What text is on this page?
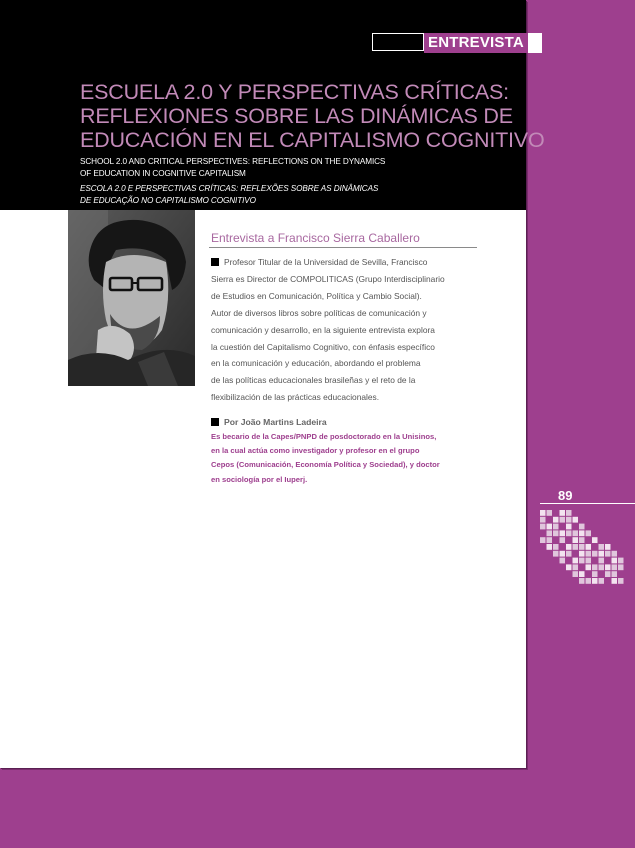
ENTREVISTA
ESCUELA 2.0 Y PERSPECTIVAS CRÍTICAS:
REFLEXIONES SOBRE LAS DINÁMICAS DE
EDUCACIÓN EN EL CAPITALISMO COGNITIVO
SCHOOL 2.0 AND CRITICAL PERSPECTIVES: REFLECTIONS ON THE DYNAMICS
OF EDUCATION IN COGNITIVE CAPITALISM
ESCOLA 2.0 E PERSPECTIVAS CRÍTICAS: REFLEXÕES SOBRE AS DINÂMICAS
DE EDUCAÇÃO NO CAPITALISMO COGNITIVO
Entrevista a Francisco Sierra Caballero
Profesor Titular de la Universidad de Sevilla, Francisco
Sierra es Director de COMPOLITICAS (Grupo Interdisciplinario
de Estudios en Comunicación, Política y Cambio Social).
Autor de diversos libros sobre políticas de comunicación y
comunicación y desarrollo, en la siguiente entrevista explora
la cuestión del Capitalismo Cognitivo, con énfasis específico
en la comunicación y educación, abordando el problema
de las políticas educacionales brasileñas y el reto de la
flexibilización de las prácticas educacionales.
Por João Martins Ladeira
Es becario de la Capes/PNPD de posdoctorado en la Unisinos,
en la cual actúa como investigador y profesor en el grupo
Cepos (Comunicación, Economía Política y Sociedad), y doctor
en sociología por el Iuperj.
89
